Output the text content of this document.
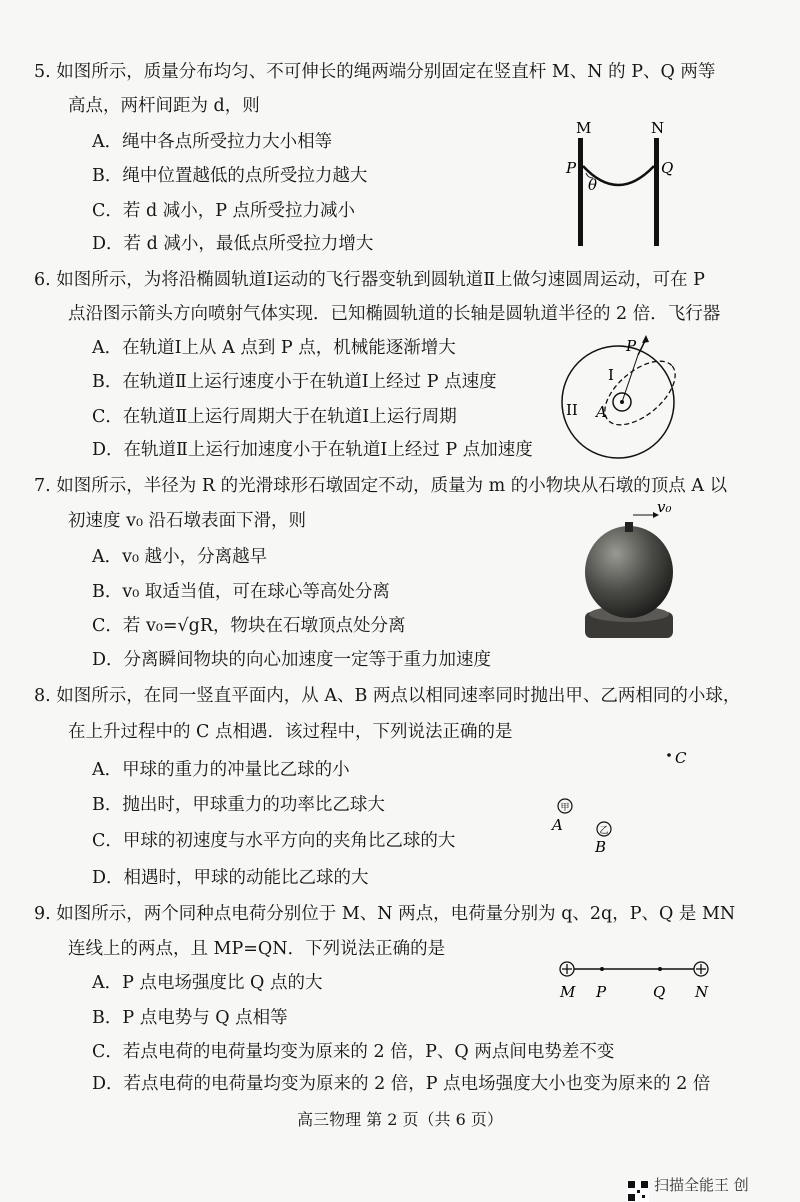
5. 如图所示，质量分布均匀、不可伸长的绳两端分别固定在竖直杆 M、N 的 P、Q 两等
高点，两杆间距为 d，则
A．绳中各点所受拉力大小相等
B．绳中位置越低的点所受拉力越大
C．若 d 减小，P 点所受拉力减小
D．若 d 减小，最低点所受拉力增大
M	N
P	Q
θ
6. 如图所示，为将沿椭圆轨道Ⅰ运动的飞行器变轨到圆轨道Ⅱ上做匀速圆周运动，可在 P
点沿图示箭头方向喷射气体实现．已知椭圆轨道的长轴是圆轨道半径的 2 倍．飞行器
A．在轨道Ⅰ上从 A 点到 P 点，机械能逐渐增大
B．在轨道Ⅱ上运行速度小于在轨道Ⅰ上经过 P 点速度
C．在轨道Ⅱ上运行周期大于在轨道Ⅰ上运行周期
D．在轨道Ⅱ上运行加速度小于在轨道Ⅰ上经过 P 点加速度
P
I
II A
7. 如图所示，半径为 R 的光滑球形石墩固定不动，质量为 m 的小物块从石墩的顶点 A 以
初速度 v₀ 沿石墩表面下滑，则
A．v₀ 越小，分离越早
B．v₀ 取适当值，可在球心等高处分离
C．若 v₀=√gR，物块在石墩顶点处分离
D．分离瞬间物块的向心加速度一定等于重力加速度
v₀
8. 如图所示，在同一竖直平面内，从 A、B 两点以相同速率同时抛出甲、乙两相同的小球，
在上升过程中的 C 点相遇．该过程中，下列说法正确的是
A．甲球的重力的冲量比乙球的小
B．抛出时，甲球重力的功率比乙球大
C．甲球的初速度与水平方向的夹角比乙球的大
D．相遇时，甲球的动能比乙球的大
C
甲
A	乙
B
9. 如图所示，两个同种点电荷分别位于 M、N 两点，电荷量分别为 q、2q，P、Q 是 MN
连线上的两点，且 MP=QN．下列说法正确的是
A．P 点电场强度比 Q 点的大
B．P 点电势与 Q 点相等
C．若点电荷的电荷量均变为原来的 2 倍，P、Q 两点间电势差不变
D．若点电荷的电荷量均变为原来的 2 倍，P 点电场强度大小也变为原来的 2 倍
M P	Q N
高三物理 第 2 页（共 6 页）
扫描全能王 创
